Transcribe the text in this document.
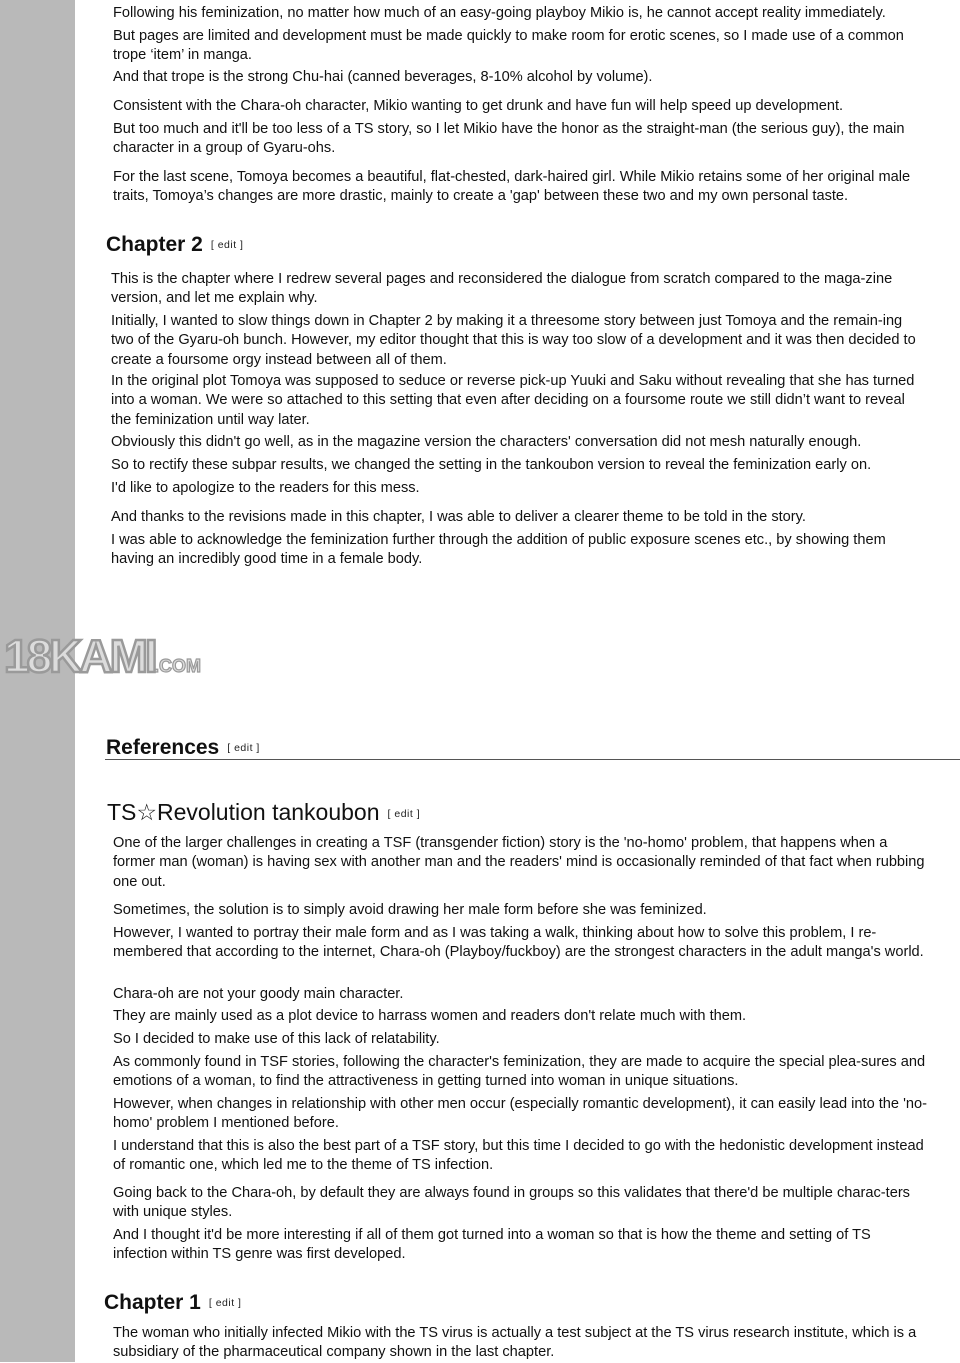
Following his feminization, no matter how much of an easy-going playboy Mikio is, he cannot accept reality immediately.

But pages are limited and development must be made quickly to make room for erotic scenes, so I made use of a common trope ‘item’ in manga.

And that trope is the strong Chu-hai (canned beverages, 8-10% alcohol by volume).

Consistent with the Chara-oh character, Mikio wanting to get drunk and have fun will help speed up development.

But too much and it'll be too less of a TS story, so I let Mikio have the honor as the straight-man (the serious guy), the main character in a group of Gyaru-ohs.

For the last scene, Tomoya becomes a beautiful, flat-chested, dark-haired girl. While Mikio retains some of her original male traits, Tomoya’s changes are more drastic, mainly to create a 'gap' between these two and my own personal taste.

Chapter 2 [ edit ]

This is the chapter where I redrew several pages and reconsidered the dialogue from scratch compared to the maga-zine version, and let me explain why.

Initially, I wanted to slow things down in Chapter 2 by making it a threesome story between just Tomoya and the remain-ing two of the Gyaru-oh bunch. However, my editor thought that this is way too slow of a development and it was then decided to create a foursome orgy instead between all of them.

In the original plot Tomoya was supposed to seduce or reverse pick-up Yuuki and Saku without revealing that she has turned into a woman. We were so attached to this setting that even after deciding on a foursome route we still didn’t want to reveal the feminization until way later.

Obviously this didn't go well, as in the magazine version the characters' conversation did not mesh naturally enough.

So to rectify these subpar results, we changed the setting in the tankoubon version to reveal the feminization early on.

I'd like to apologize to the readers for this mess.

And thanks to the revisions made in this chapter, I was able to deliver a clearer theme to be told in the story.

I was able to acknowledge the feminization further through the addition of public exposure scenes etc., by showing them having an incredibly good time in a female body.

18KAMI .COM
References [ edit ]
TS☆Revolution tankoubon [ edit ]

One of the larger challenges in creating a TSF (transgender fiction) story is the 'no-homo' problem, that happens when a former man (woman) is having sex with another man and the readers' mind is occasionally reminded of that fact when rubbing one out.

Sometimes, the solution is to simply avoid drawing her male form before she was feminized.

However, I wanted to portray their male form and as I was taking a walk, thinking about how to solve this problem, I re-membered that according to the internet, Chara-oh (Playboy/fuckboy) are the strongest characters in the adult manga's world.

Chara-oh are not your goody main character.

They are mainly used as a plot device to harrass women and readers don't relate much with them.

So I decided to make use of this lack of relatability.

As commonly found in TSF stories, following the character's feminization, they are made to acquire the special plea-sures and emotions of a woman, to find the attractiveness in getting turned into woman in unique situations.

However, when changes in relationship with other men occur (especially romantic development), it can easily lead into the 'no-homo' problem I mentioned before.

I understand that this is also the best part of a TSF story, but this time I decided to go with the hedonistic development instead of romantic one, which led me to the theme of TS infection.

Going back to the Chara-oh, by default they are always found in groups so this validates that there'd be multiple charac-ters with unique styles.

And I thought it'd be more interesting if all of them got turned into a woman so that is how the theme and setting of TS infection within TS genre was first developed.

Chapter 1 [ edit ]

The woman who initially infected Mikio with the TS virus is actually a test subject at the TS virus research institute, which is a subsidiary of the pharmaceutical company shown in the last chapter.
